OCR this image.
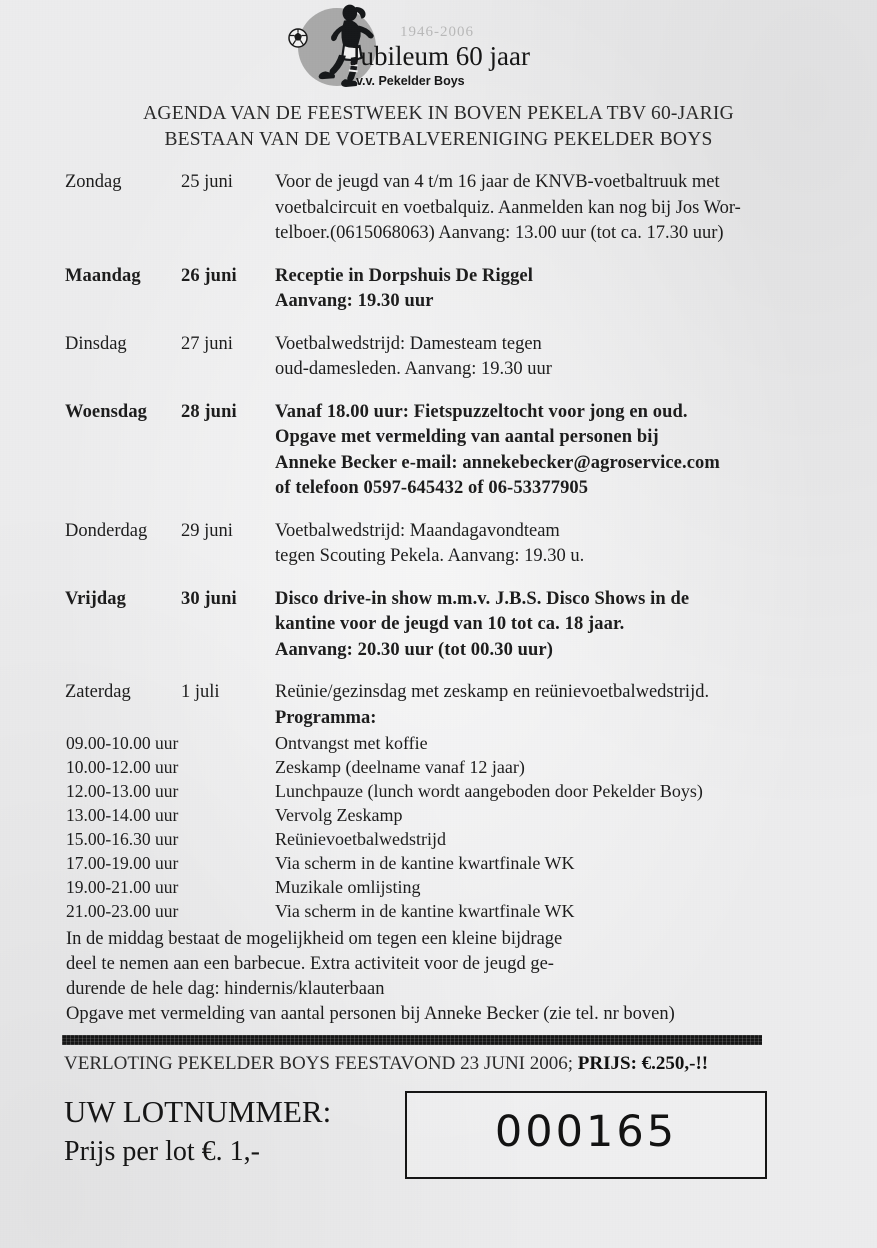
1946-2006
Jubileum 60 jaar
v.v. Pekelder Boys
AGENDA VAN DE FEESTWEEK IN BOVEN PEKELA TBV 60-JARIG
BESTAAN VAN DE VOETBALVERENIGING PEKELDER BOYS
Zondag	25 juni Voor de jeugd van 4 t/m 16 jaar de KNVB-voetbaltruuk met
voetbalcircuit en voetbalquiz. Aanmelden kan nog bij Jos Wor-
telboer.(0615068063) Aanvang: 13.00 uur (tot ca. 17.30 uur)
Maandag 26 juni Receptie in Dorpshuis De Riggel
Aanvang: 19.30 uur
Dinsdag	27 juni Voetbalwedstrijd: Damesteam tegen
oud-damesleden. Aanvang: 19.30 uur
Woensdag 28 juni Vanaf 18.00 uur: Fietspuzzeltocht voor jong en oud.
Opgave met vermelding van aantal personen bij
Anneke Becker e-mail: annekebecker@agroservice.com
of telefoon 0597-645432 of 06-53377905
Donderdag 29 juni Voetbalwedstrijd: Maandagavondteam
tegen Scouting Pekela. Aanvang: 19.30 u.
Vrijdag	30 juni Disco drive-in show m.m.v. J.B.S. Disco Shows in de
kantine voor de jeugd van 10 tot ca. 18 jaar.
Aanvang: 20.30 uur (tot 00.30 uur)
Zaterdag	1 juli	Reünie/gezinsdag met zeskamp en reünievoetbalwedstrijd.
Programma:
09.00-10.00 uur	Ontvangst met koffie
10.00-12.00 uur	Zeskamp (deelname vanaf 12 jaar)
12.00-13.00 uur	Lunchpauze (lunch wordt aangeboden door Pekelder Boys)
13.00-14.00 uur	Vervolg Zeskamp
15.00-16.30 uur	Reünievoetbalwedstrijd
17.00-19.00 uur	Via scherm in de kantine kwartfinale WK
19.00-21.00 uur	Muzikale omlijsting
21.00-23.00 uur	Via scherm in de kantine kwartfinale WK
In de middag bestaat de mogelijkheid om tegen een kleine bijdrage
deel te nemen aan een barbecue. Extra activiteit voor de jeugd ge-
durende de hele dag: hindernis/klauterbaan
Opgave met vermelding van aantal personen bij Anneke Becker (zie tel. nr boven)
VERLOTING PEKELDER BOYS FEESTAVOND 23 JUNI 2006; PRIJS: €.250,-!!
UW LOTNUMMER:
Prijs per lot €. 1,-	000165
